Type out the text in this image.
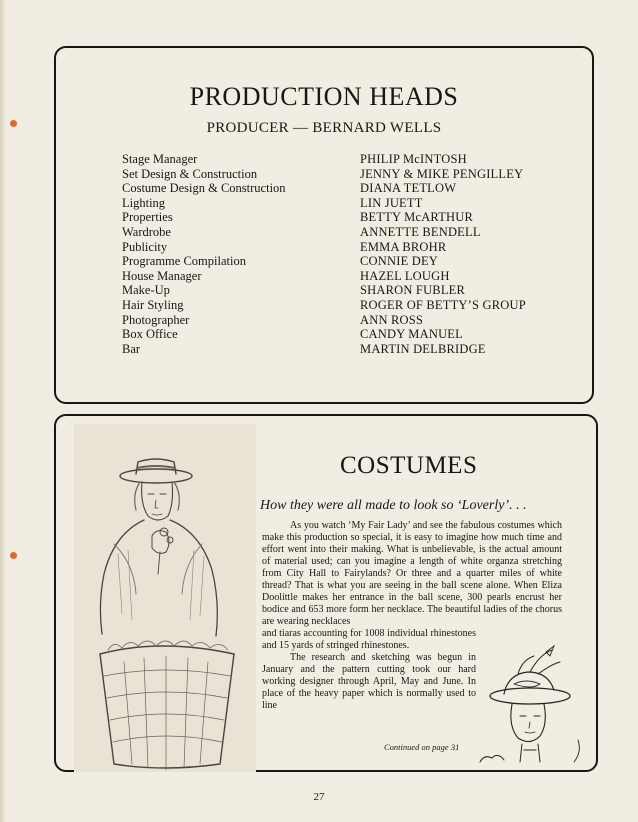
PRODUCTION HEADS
PRODUCER — BERNARD WELLS
Stage Manager	PHILIP McINTOSH
Set Design & Construction	JENNY & MIKE PENGILLEY
Costume Design & Construction	DIANA TETLOW
Lighting	LIN JUETT
Properties	BETTY McARTHUR
Wardrobe	ANNETTE BENDELL
Publicity	EMMA BROHR
Programme Compilation	CONNIE DEY
House Manager	HAZEL LOUGH
Make-Up	SHARON FUBLER
Hair Styling	ROGER OF BETTY’S GROUP
Photographer	ANN ROSS
Box Office	CANDY MANUEL
Bar	MARTIN DELBRIDGE
COSTUMES
How they were all made to look so ‘Loverly’. . .

As you watch ‘My Fair Lady’ and see the fabulous costumes which make this production so special, it is easy to imagine how much time and effort went into their making. What is unbelievable, is the actual amount of material used; can you imagine a length of white organza stretching from City Hall to Fairylands? Or three and a quarter miles of white thread? That is what you are seeing in the ball scene alone. When Eliza Doolittle makes her entrance in the ball scene, 300 pearls encrust her bodice and 653 more form her necklace. The beautiful ladies of the chorus are wearing necklaces

and tiaras accounting for 1008 individual rhinestones and 15 yards of stringed rhinestones.

The research and sketching was begun in January and the pattern cutting took our hard working designer through April, May and June. In place of the heavy paper which is normally used to line

Continued on page 31
27
